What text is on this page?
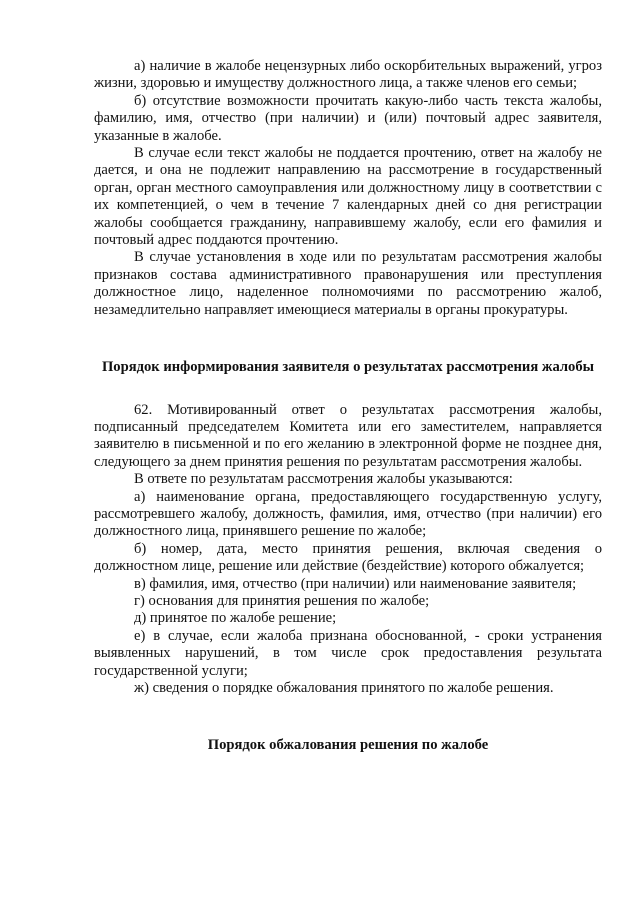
а) наличие в жалобе нецензурных либо оскорбительных выражений, угроз жизни, здоровью и имуществу должностного лица, а также членов его семьи;

б) отсутствие возможности прочитать какую-либо часть текста жалобы, фамилию, имя, отчество (при наличии) и (или) почтовый адрес заявителя, указанные в жалобе.

В случае если текст жалобы не поддается прочтению, ответ на жалобу не дается, и она не подлежит направлению на рассмотрение в государственный орган, орган местного самоуправления или должностному лицу в соответствии с их компетенцией, о чем в течение 7 календарных дней со дня регистрации жалобы сообщается гражданину, направившему жалобу, если его фамилия и почтовый адрес поддаются прочтению.

В случае установления в ходе или по результатам рассмотрения жалобы признаков состава административного правонарушения или преступления должностное лицо, наделенное полномочиями по рассмотрению жалоб, незамедлительно направляет имеющиеся материалы в органы прокуратуры.

Порядок информирования заявителя о результатах рассмотрения жалобы

62. Мотивированный ответ о результатах рассмотрения жалобы, подписанный председателем Комитета или его заместителем, направляется заявителю в письменной и по его желанию в электронной форме не позднее дня, следующего за днем принятия решения по результатам рассмотрения жалобы.

В ответе по результатам рассмотрения жалобы указываются:

а) наименование органа, предоставляющего государственную услугу, рассмотревшего жалобу, должность, фамилия, имя, отчество (при наличии) его должностного лица, принявшего решение по жалобе;

б) номер, дата, место принятия решения, включая сведения о должностном лице, решение или действие (бездействие) которого обжалуется;

в) фамилия, имя, отчество (при наличии) или наименование заявителя;

г) основания для принятия решения по жалобе;

д) принятое по жалобе решение;

е) в случае, если жалоба признана обоснованной, - сроки устранения выявленных нарушений, в том числе срок предоставления результата государственной услуги;

ж) сведения о порядке обжалования принятого по жалобе решения.

Порядок обжалования решения по жалобе
